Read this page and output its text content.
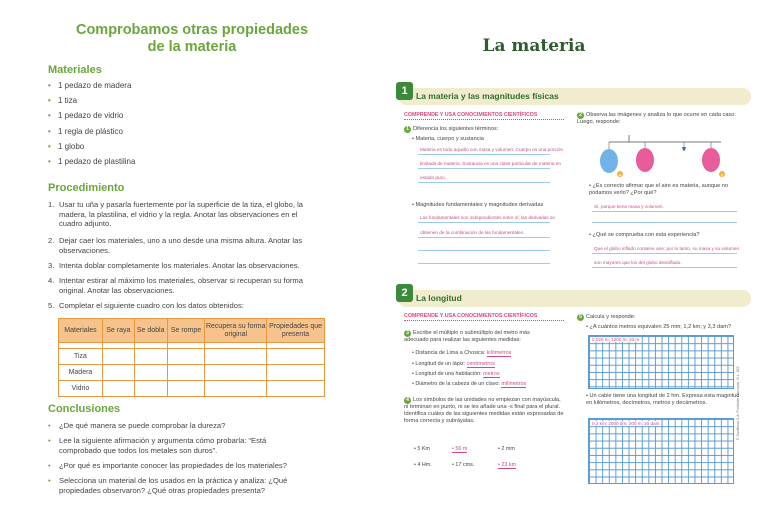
Comprobamos otras propiedades
de la materia
Materiales
• 1 pedazo de madera
• 1 tiza
• 1 pedazo de vidrio
• 1 regla de plástico
• 1 globo
• 1 pedazo de plastilina
Procedimiento
1. Usar tu uña y pasarla fuertemente por la superficie de la tiza, el globo, la madera, la plastilina, el vidrio y la regla. Anotar las observaciones en el cuadro adjunto.
2. Dejar caer los materiales, uno a uno desde una misma altura. Anotar las observaciones.
3. Intenta doblar completamente los materiales. Anotar las observaciones.
4. Intentar estirar al máximo los materiales, observar si recuperan su forma original. Anotar las observaciones.
5. Completar el siguiente cuadro con los datos obtenidos:
Materiales	Se raya	Se dobla	Se rompe	Recupera su forma original	Propiedades que presenta

Tiza					
Madera					
Vidrio					
Conclusiones
• ¿De qué manera se puede comprobar la dureza?
• Lee la siguiente afirmación y argumenta cómo probarla: “Está comprobado que todos los metales son duros”.
• ¿Por qué es importante conocer las propiedades de los materiales?
• Selecciona un material de los usados en la práctica y analiza: ¿Qué propiedades observaron? ¿Qué otras propiedades presenta?
La materia
1 La materia y las magnitudes físicas
COMPRENDE Y USA CONOCIMIENTOS CIENTÍFICOS
1 Diferencia los siguientes términos:
• Materia, cuerpo y sustancia
Materia es todo aquello con masa y volumen. Cuerpo es una porción
limitada de materia. Sustancia es una clase particular de materia en
estado puro.
• Magnitudes fundamentales y magnitudes derivadas
Las fundamentales son independientes entre sí; las derivadas se
obtienen de la combinación de las fundamentales.
2 Observa las imágenes y analiza lo que ocurre en cada caso. Luego, responde:
a	b
• ¿Es correcto afirmar que el aire es materia, aunque no podamos verlo? ¿Por qué?
Sí, porque tiene masa y volumen.
• ¿Qué se comprueba con esta experiencia?
Que el globo inflado contiene aire; por lo tanto, su masa y su volumen
son mayores que los del globo desinflado.
2 La longitud
COMPRENDE Y USA CONOCIMIENTOS CIENTÍFICOS
3 Escribe el múltiplo o submúltiplo del metro más adecuado para realizar las siguientes medidas:
• Distancia de Lima a Chosica: kilómetros
• Longitud de un lápiz: centímetros
• Longitud de una habitación: metros
• Diámetro de la cabeza de un clavo: milímetros
4 Los símbolos de las unidades no empiezan con mayúscula, ni terminan en punto, ni se les añade una -s final para el plural. Identifica cuáles de las siguientes medidas están expresadas de forma correcta y subráyalas.
• 5 Km	• 56 m	• 2 mm
• 4 Hm.	• 17 cms.	• 23 km
5 Calcula y responde:
• ¿A cuántos metros equivalen 25 mm; 1,2 km; y 3,3 dam?
0,025 m; 1200 m; 33 m
• Un cable tiene una longitud de 2 hm. Expresa esta magnitud en kilómetros, decímetros, metros y decámetros.
0,2 km; 2000 dm; 200 m; 20 dam	© Santillana S.A. Prohibido fotocopiar. D.L. 822
